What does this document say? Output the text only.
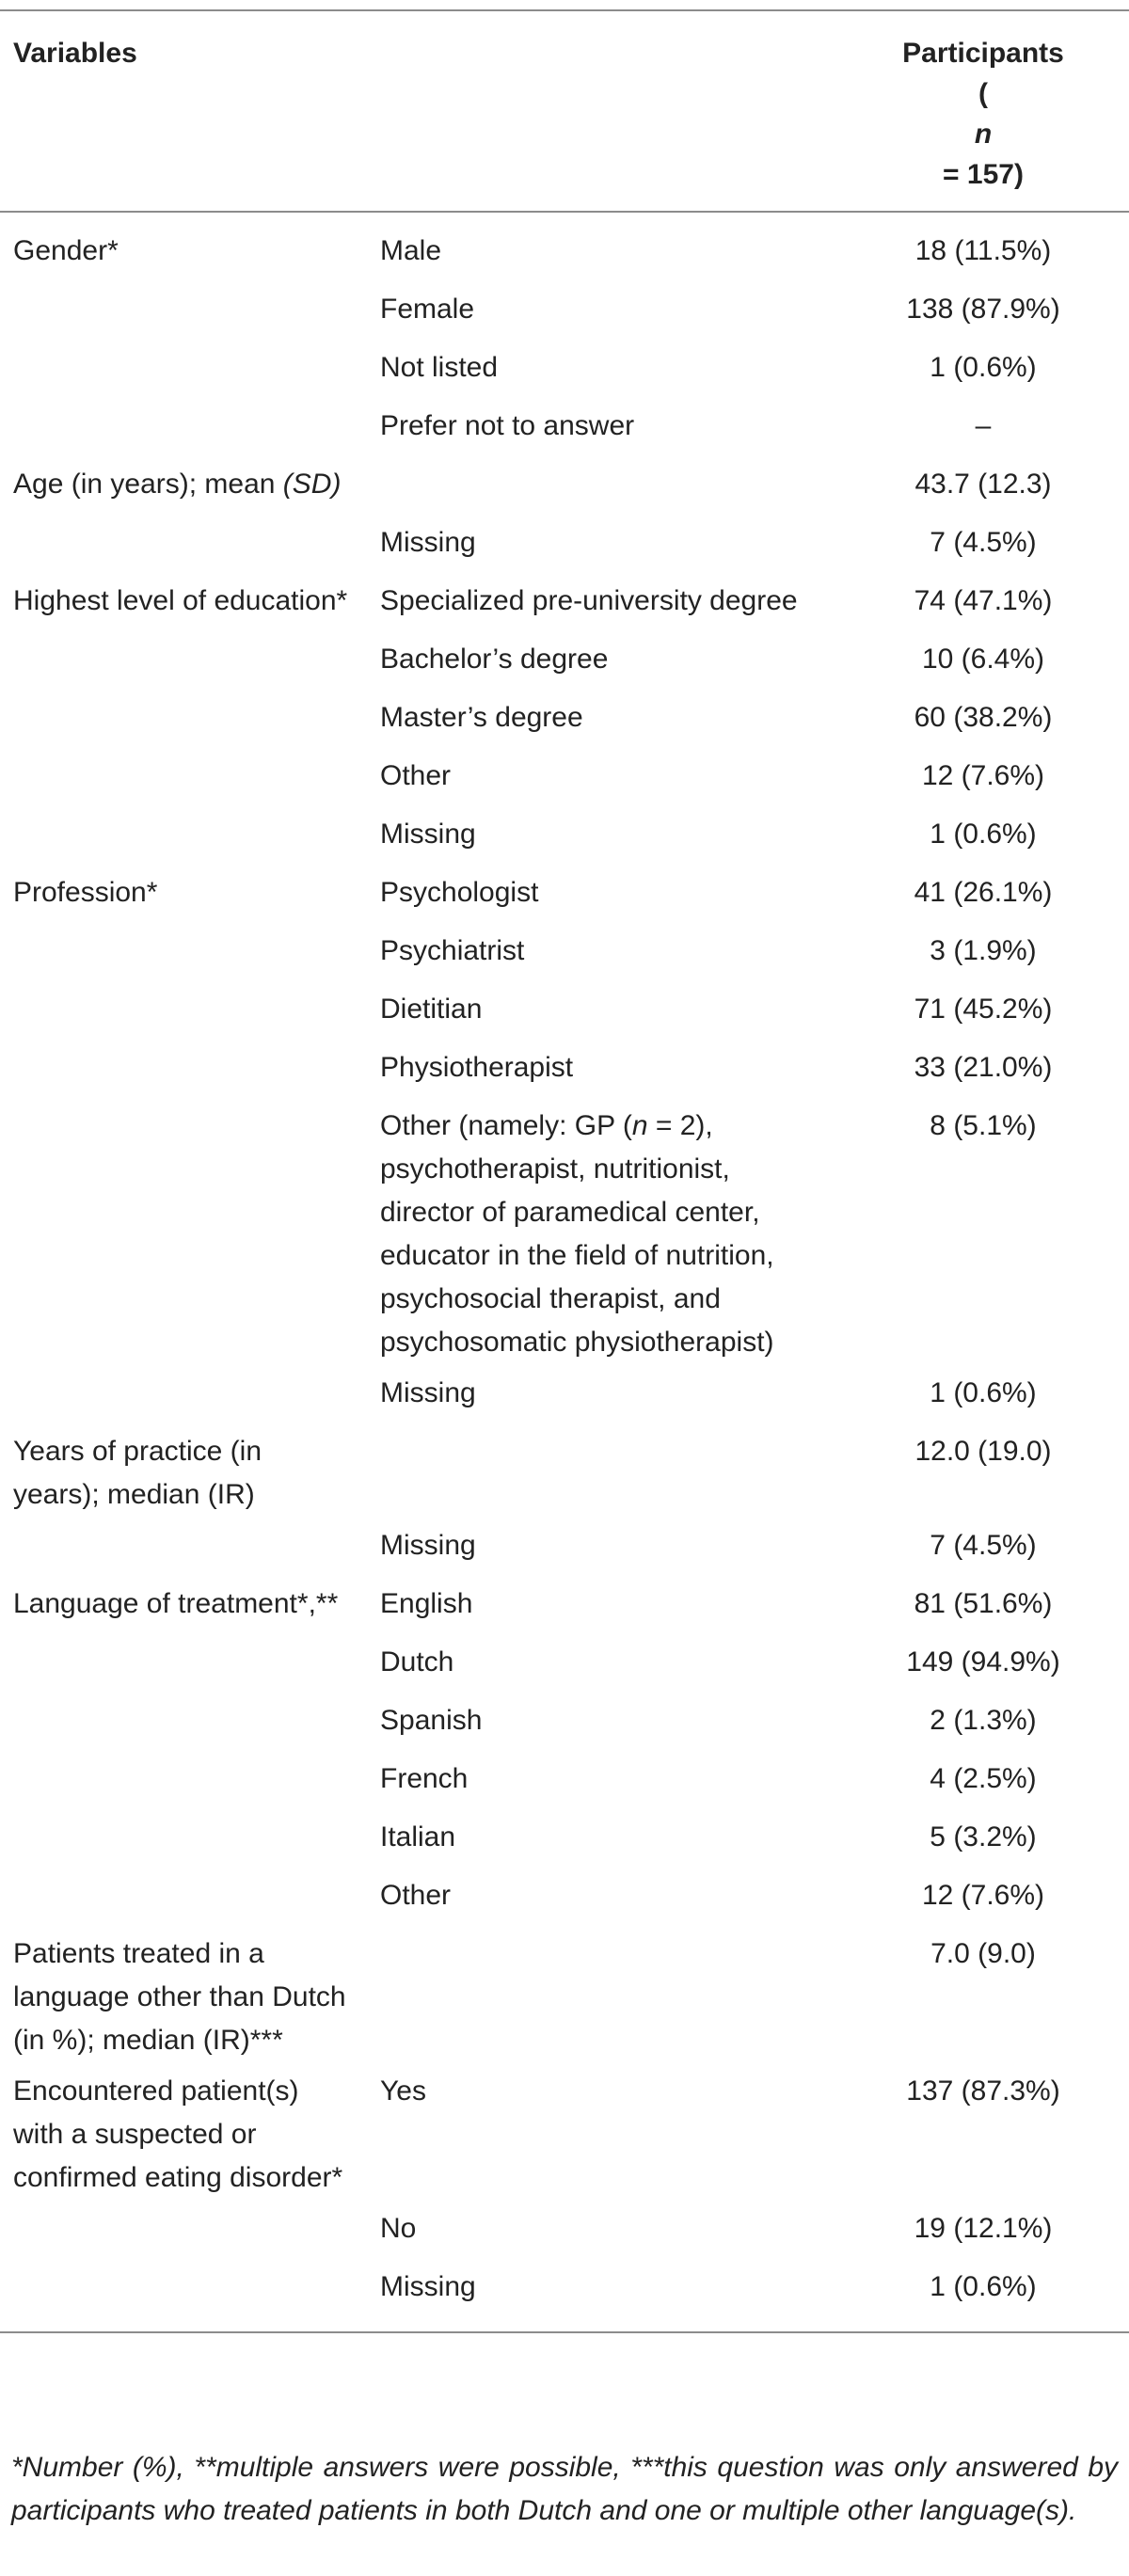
Variables		Participants
(
n
= 157)

Gender*	Male	18 (11.5%)
	Female	138 (87.9%)
	Not listed	1 (0.6%)
	Prefer not to answer	–
Age (in years); mean (SD)		43.7 (12.3)
	Missing	7 (4.5%)
Highest level of education*	Specialized pre-university degree	74 (47.1%)
	Bachelor’s degree	10 (6.4%)
	Master’s degree	60 (38.2%)
	Other	12 (7.6%)
	Missing	1 (0.6%)
Profession*	Psychologist	41 (26.1%)
	Psychiatrist	3 (1.9%)
	Dietitian	71 (45.2%)
	Physiotherapist	33 (21.0%)
	Other (namely: GP (n = 2), psychotherapist, nutritionist, director of paramedical center, educator in the field of nutrition, psychosocial therapist, and psychosomatic physiotherapist)	8 (5.1%)
	Missing	1 (0.6%)
Years of practice (in years); median (IR)		12.0 (19.0)
	Missing	7 (4.5%)
Language of treatment*,**	English	81 (51.6%)
	Dutch	149 (94.9%)
	Spanish	2 (1.3%)
	French	4 (2.5%)
	Italian	5 (3.2%)
	Other	12 (7.6%)
Patients treated in a language other than Dutch (in %); median (IR)***		7.0 (9.0)
Encountered patient(s) with a suspected or confirmed eating disorder*	Yes	137 (87.3%)
	No	19 (12.1%)
	Missing	1 (0.6%)
*Number (%), **multiple answers were possible, ***this question was only answered by participants who treated patients in both Dutch and one or multiple other language(s).
